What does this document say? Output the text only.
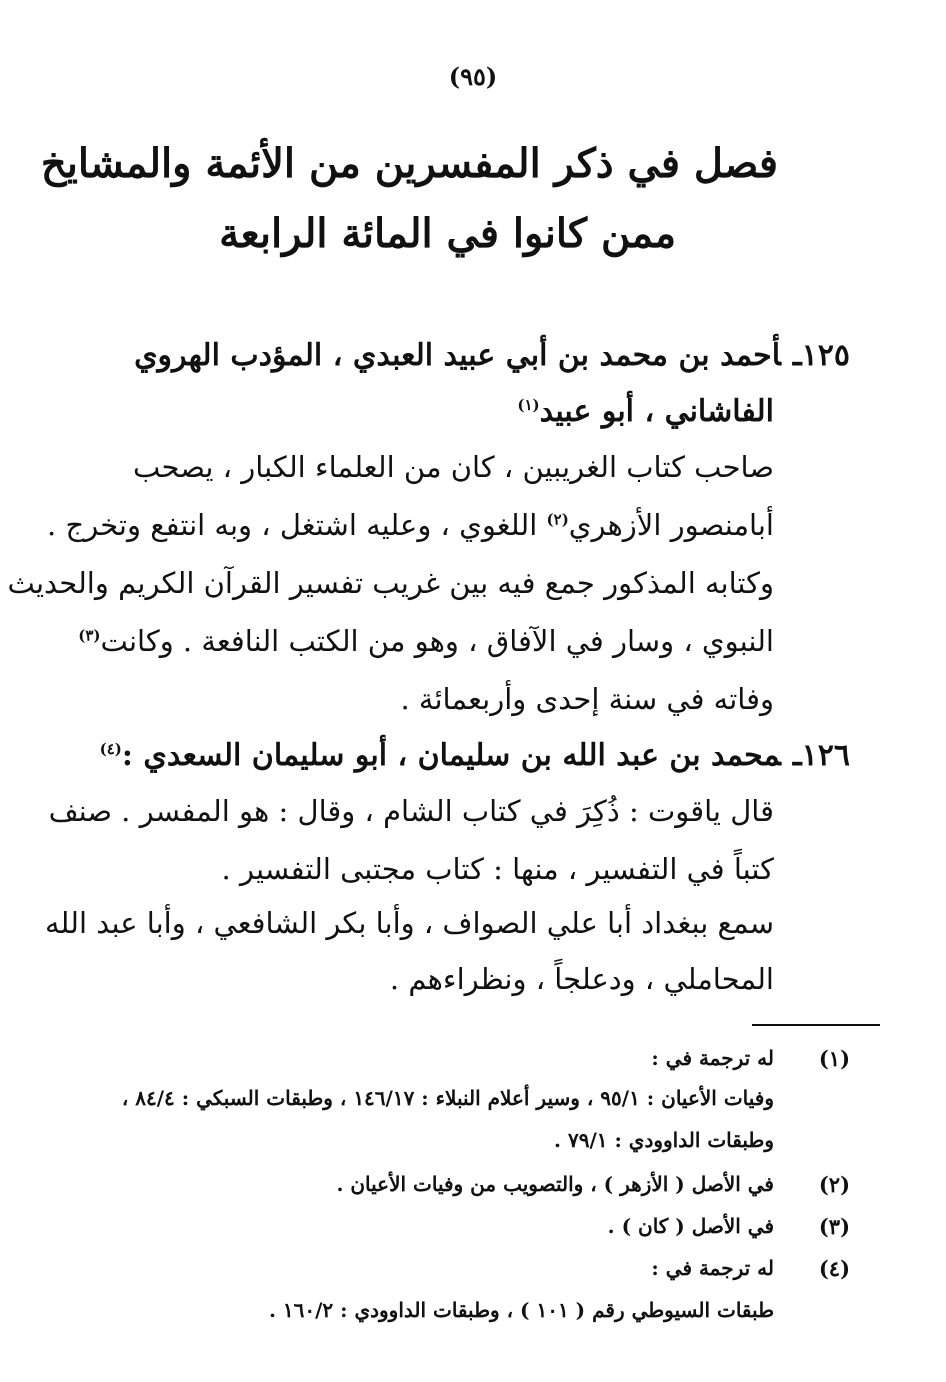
(٩٥)
فصل في ذكر المفسرين من الأئمة والمشايخ
ممن كانوا في المائة الرابعة
١٢٥ـأحمد بن محمد بن أبي عبيد العبدي ، المؤدب الهروي
الفاشاني ، أبو عبيد$^{(١)}$
صاحب كتاب الغريبين ، كان من العلماء الكبار ، يصحب
أبامنصور الأزهري$^{(٢)}$ اللغوي ، وعليه اشتغل ، وبه انتفع وتخرج .
وكتابه المذكور جمع فيه بين غريب تفسير القرآن الكريم والحديث
النبوي ، وسار في الآفاق ، وهو من الكتب النافعة . وكانت$^{(٣)}$
وفاته في سنة إحدى وأربعمائة .
١٢٦ـمحمد بن عبد الله بن سليمان ، أبو سليمان السعدي :$^{(٤)}$
قال ياقوت : ذُكِرَ في كتاب الشام ، وقال : هو المفسر . صنف
كتباً في التفسير ، منها : كتاب مجتبى التفسير .
سمع ببغداد أبا علي الصواف ، وأبا بكر الشافعي ، وأبا عبد الله
المحاملي ، ودعلجاً ، ونظراءهم .
(١)
له ترجمة في :
وفيات الأعيان : ٩٥/١ ، وسير أعلام النبلاء : ١٤٦/١٧ ، وطبقات السبكي : ٨٤/٤ ،
وطبقات الداوودي : ٧٩/١ .
(٢)
في الأصل ( الأزهر ) ، والتصويب من وفيات الأعيان .
(٣)
في الأصل ( كان ) .
(٤)
له ترجمة في :
طبقات السيوطي رقم ( ١٠١ ) ، وطبقات الداوودي : ١٦٠/٢ .
